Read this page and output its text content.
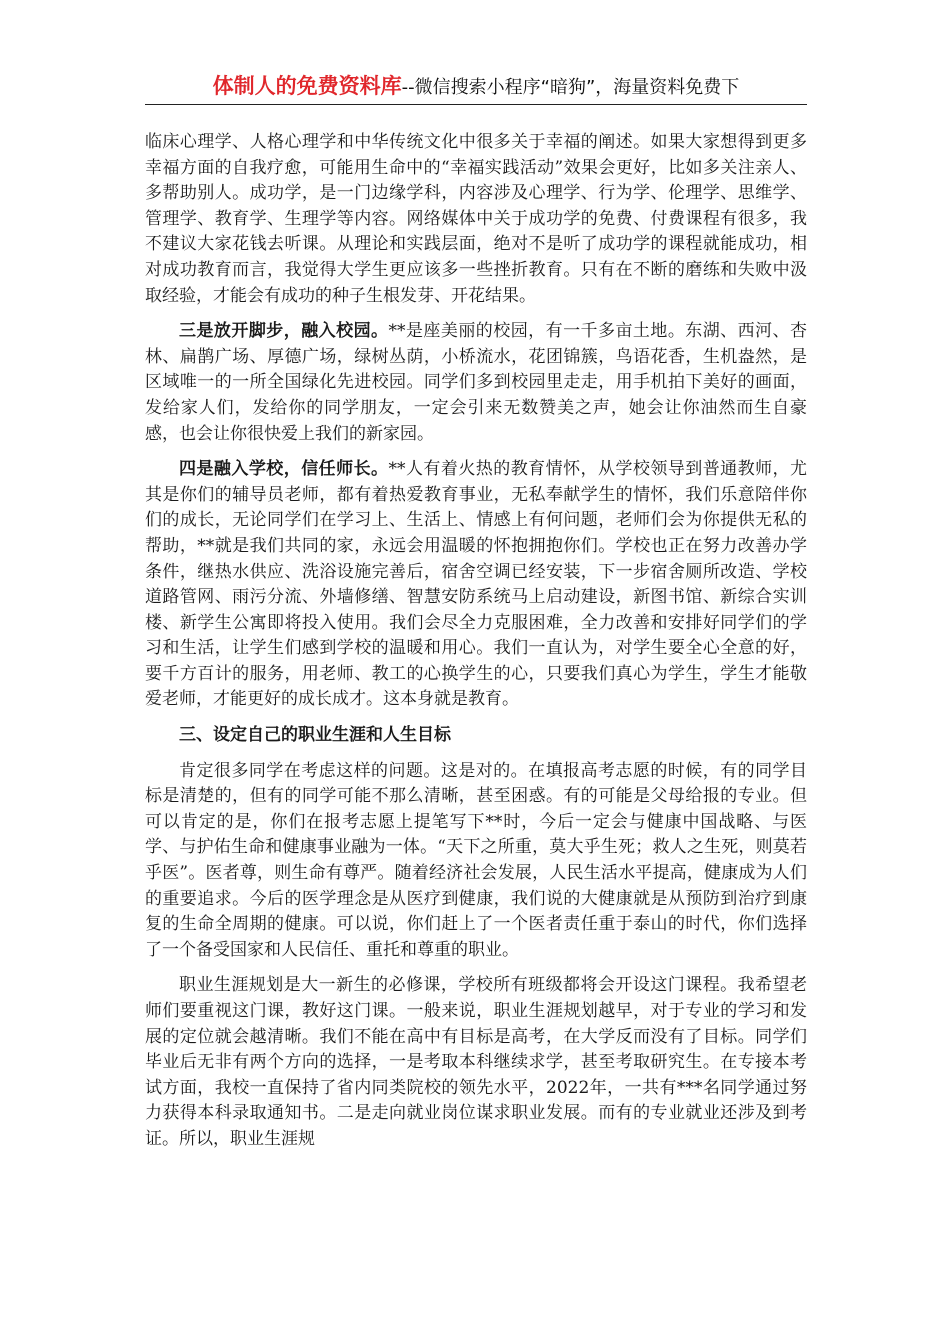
体制人的免费资料库--微信搜索小程序“暗狗”，海量资料免费下

临床心理学、人格心理学和中华传统文化中很多关于幸福的阐述。如果大家想得到更多幸福方面的自我疗愈，可能用生命中的“幸福实践活动”效果会更好，比如多关注亲人、多帮助别人。成功学，是一门边缘学科，内容涉及心理学、行为学、伦理学、思维学、管理学、教育学、生理学等内容。网络媒体中关于成功学的免费、付费课程有很多，我不建议大家花钱去听课。从理论和实践层面，绝对不是听了成功学的课程就能成功，相对成功教育而言，我觉得大学生更应该多一些挫折教育。只有在不断的磨练和失败中汲取经验，才能会有成功的种子生根发芽、开花结果。

三是放开脚步，融入校园。**是座美丽的校园，有一千多亩土地。东湖、西河、杏林、扁鹊广场、厚德广场，绿树丛荫，小桥流水，花团锦簇，鸟语花香，生机盎然，是区域唯一的一所全国绿化先进校园。同学们多到校园里走走，用手机拍下美好的画面，发给家人们，发给你的同学朋友，一定会引来无数赞美之声，她会让你油然而生自豪感，也会让你很快爱上我们的新家园。

四是融入学校，信任师长。**人有着火热的教育情怀，从学校领导到普通教师，尤其是你们的辅导员老师，都有着热爱教育事业，无私奉献学生的情怀，我们乐意陪伴你们的成长，无论同学们在学习上、生活上、情感上有何问题，老师们会为你提供无私的帮助，**就是我们共同的家，永远会用温暖的怀抱拥抱你们。学校也正在努力改善办学条件，继热水供应、洗浴设施完善后，宿舍空调已经安装，下一步宿舍厕所改造、学校道路管网、雨污分流、外墙修缮、智慧安防系统马上启动建设，新图书馆、新综合实训楼、新学生公寓即将投入使用。我们会尽全力克服困难，全力改善和安排好同学们的学习和生活，让学生们感到学校的温暖和用心。我们一直认为，对学生要全心全意的好，要千方百计的服务，用老师、教工的心换学生的心，只要我们真心为学生，学生才能敬爱老师，才能更好的成长成才。这本身就是教育。

三、设定自己的职业生涯和人生目标

肯定很多同学在考虑这样的问题。这是对的。在填报高考志愿的时候，有的同学目标是清楚的，但有的同学可能不那么清晰，甚至困惑。有的可能是父母给报的专业。但可以肯定的是，你们在报考志愿上提笔写下**时，今后一定会与健康中国战略、与医学、与护佑生命和健康事业融为一体。“天下之所重，莫大乎生死；救人之生死，则莫若乎医”。医者尊，则生命有尊严。随着经济社会发展，人民生活水平提高，健康成为人们的重要追求。今后的医学理念是从医疗到健康，我们说的大健康就是从预防到治疗到康复的生命全周期的健康。可以说，你们赶上了一个医者责任重于泰山的时代，你们选择了一个备受国家和人民信任、重托和尊重的职业。

职业生涯规划是大一新生的必修课，学校所有班级都将会开设这门课程。我希望老师们要重视这门课，教好这门课。一般来说，职业生涯规划越早，对于专业的学习和发展的定位就会越清晰。我们不能在高中有目标是高考，在大学反而没有了目标。同学们毕业后无非有两个方向的选择，一是考取本科继续求学，甚至考取研究生。在专接本考试方面，我校一直保持了省内同类院校的领先水平，2022年，一共有***名同学通过努力获得本科录取通知书。二是走向就业岗位谋求职业发展。而有的专业就业还涉及到考证。所以，职业生涯规
